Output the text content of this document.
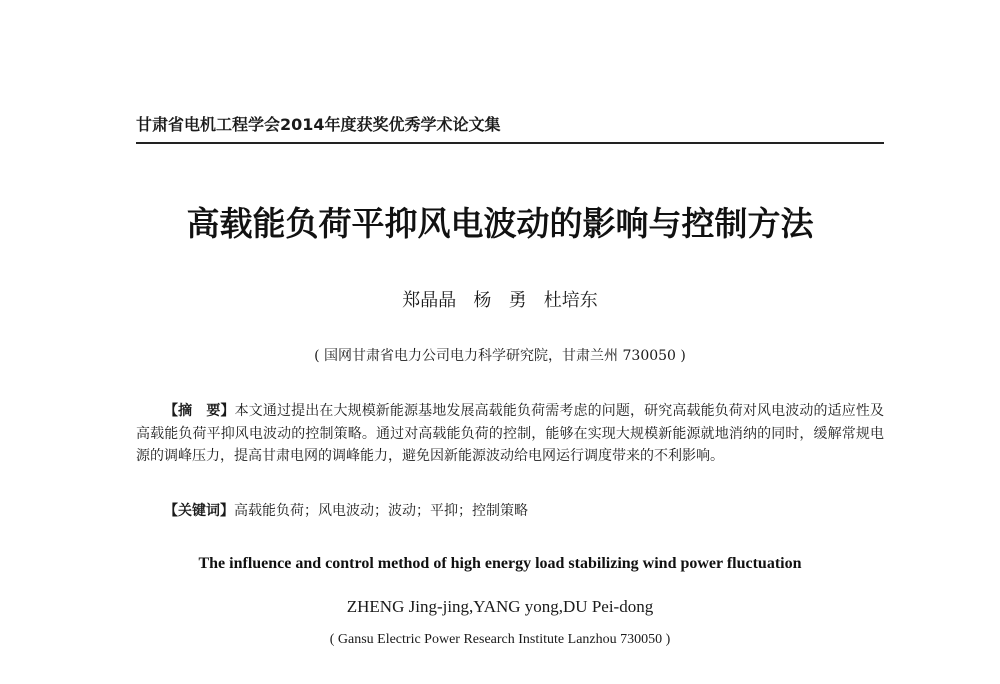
甘肃省电机工程学会2014年度获奖优秀学术论文集
高载能负荷平抑风电波动的影响与控制方法
郑晶晶   杨   勇   杜培东
( 国网甘肃省电力公司电力科学研究院，甘肃兰州 730050 )
【摘　要】本文通过提出在大规模新能源基地发展高载能负荷需考虑的问题，研究高载能负荷对风电波动的适应性及高载能负荷平抑风电波动的控制策略。通过对高载能负荷的控制，能够在实现大规模新能源就地消纳的同时，缓解常规电源的调峰压力，提高甘肃电网的调峰能力，避免因新能源波动给电网运行调度带来的不利影响。
【关键词】高载能负荷；风电波动；波动；平抑；控制策略
The influence and control method of high energy load stabilizing wind power fluctuation
ZHENG Jing-jing,YANG yong,DU Pei-dong
( Gansu Electric Power Research Institute Lanzhou 730050 )
